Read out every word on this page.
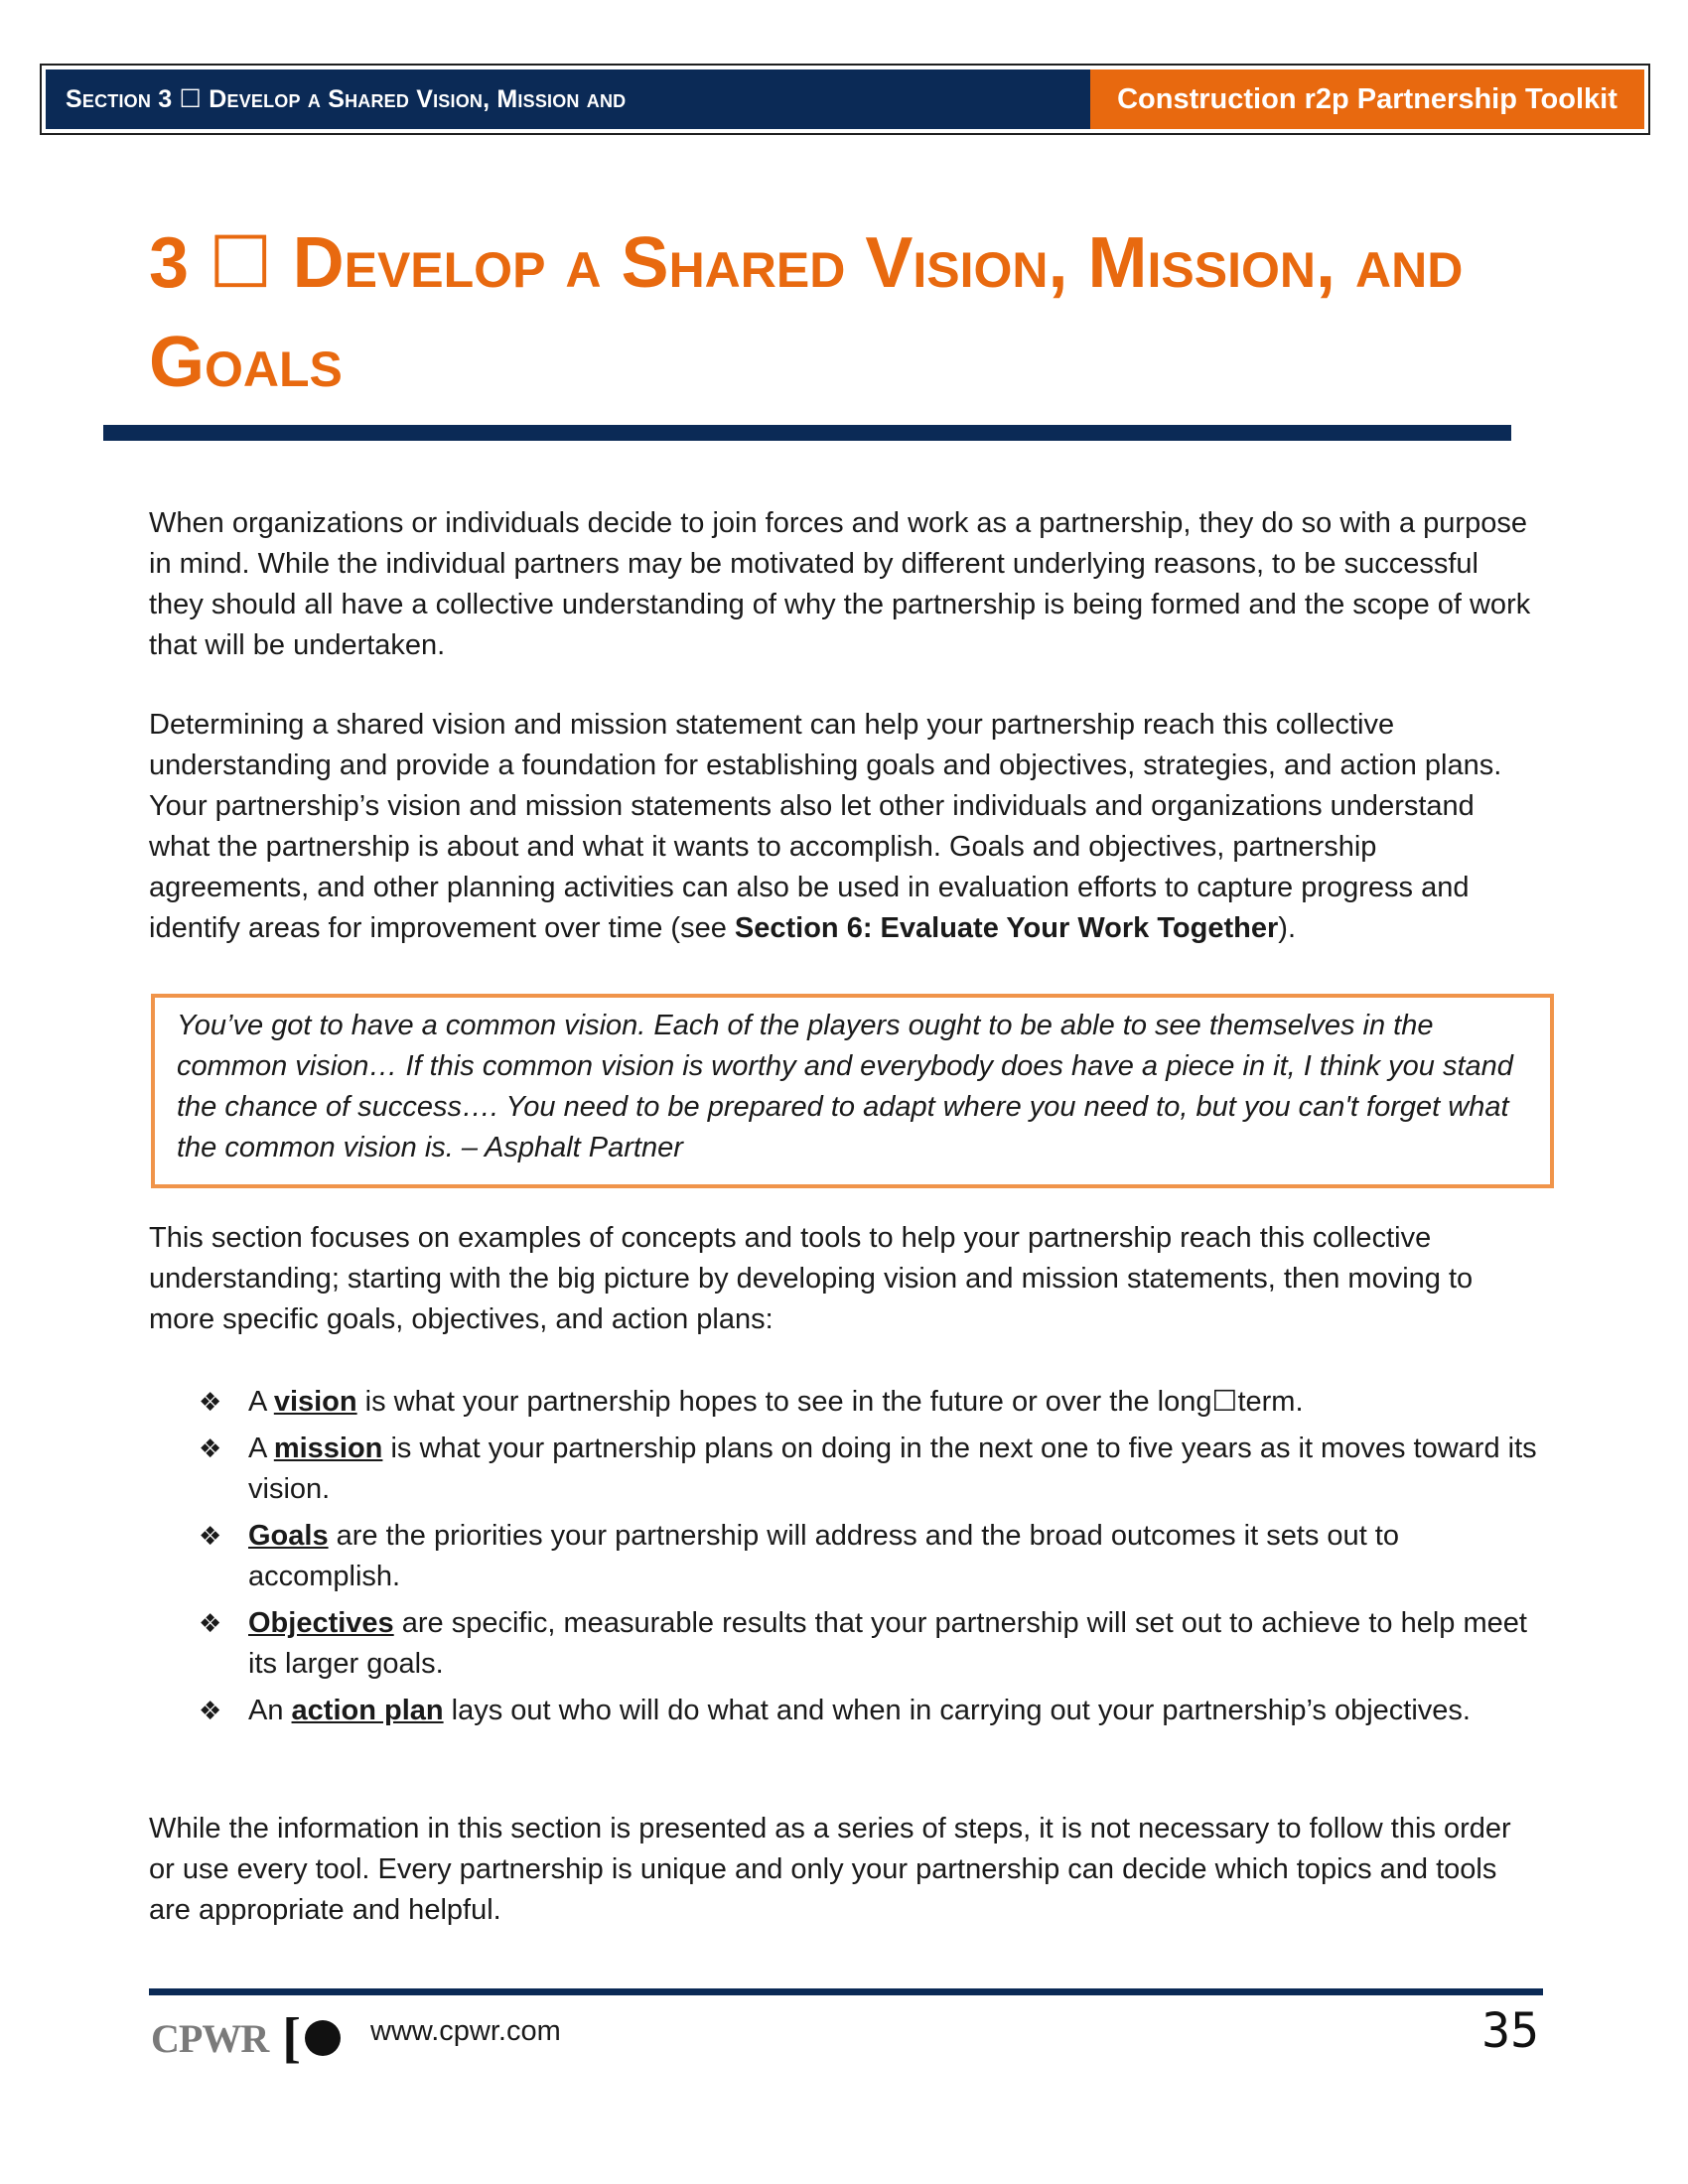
Section 3 ☐ Develop a Shared Vision, Mission and	Construction r2p Partnership Toolkit
3 ☐ Develop a Shared Vision, Mission, and Goals

When organizations or individuals decide to join forces and work as a partnership, they do so with a purpose in mind. While the individual partners may be motivated by different underlying reasons, to be successful they should all have a collective understanding of why the partnership is being formed and the scope of work that will be undertaken.

Determining a shared vision and mission statement can help your partnership reach this collective understanding and provide a foundation for establishing goals and objectives, strategies, and action plans. Your partnership’s vision and mission statements also let other individuals and organizations understand what the partnership is about and what it wants to accomplish. Goals and objectives, partnership agreements, and other planning activities can also be used in evaluation efforts to capture progress and identify areas for improvement over time (see Section 6: Evaluate Your Work Together).

You’ve got to have a common vision. Each of the players ought to be able to see themselves in the common vision… If this common vision is worthy and everybody does have a piece in it, I think you stand the chance of success…. You need to be prepared to adapt where you need to, but you can't forget what the common vision is. – Asphalt Partner

This section focuses on examples of concepts and tools to help your partnership reach this collective understanding; starting with the big picture by developing vision and mission statements, then moving to more specific goals, objectives, and action plans:

❖ A vision is what your partnership hopes to see in the future or over the long☐term.
❖ A mission is what your partnership plans on doing in the next one to five years as it moves toward its vision.
❖ Goals are the priorities your partnership will address and the broad outcomes it sets out to accomplish.
❖ Objectives are specific, measurable results that your partnership will set out to achieve to help meet its larger goals.
❖ An action plan lays out who will do what and when in carrying out your partnership’s objectives.

While the information in this section is presented as a series of steps, it is not necessary to follow this order or use every tool. Every partnership is unique and only your partnership can decide which topics and tools are appropriate and helpful.

CPWR [ www.cpwr.com	35
